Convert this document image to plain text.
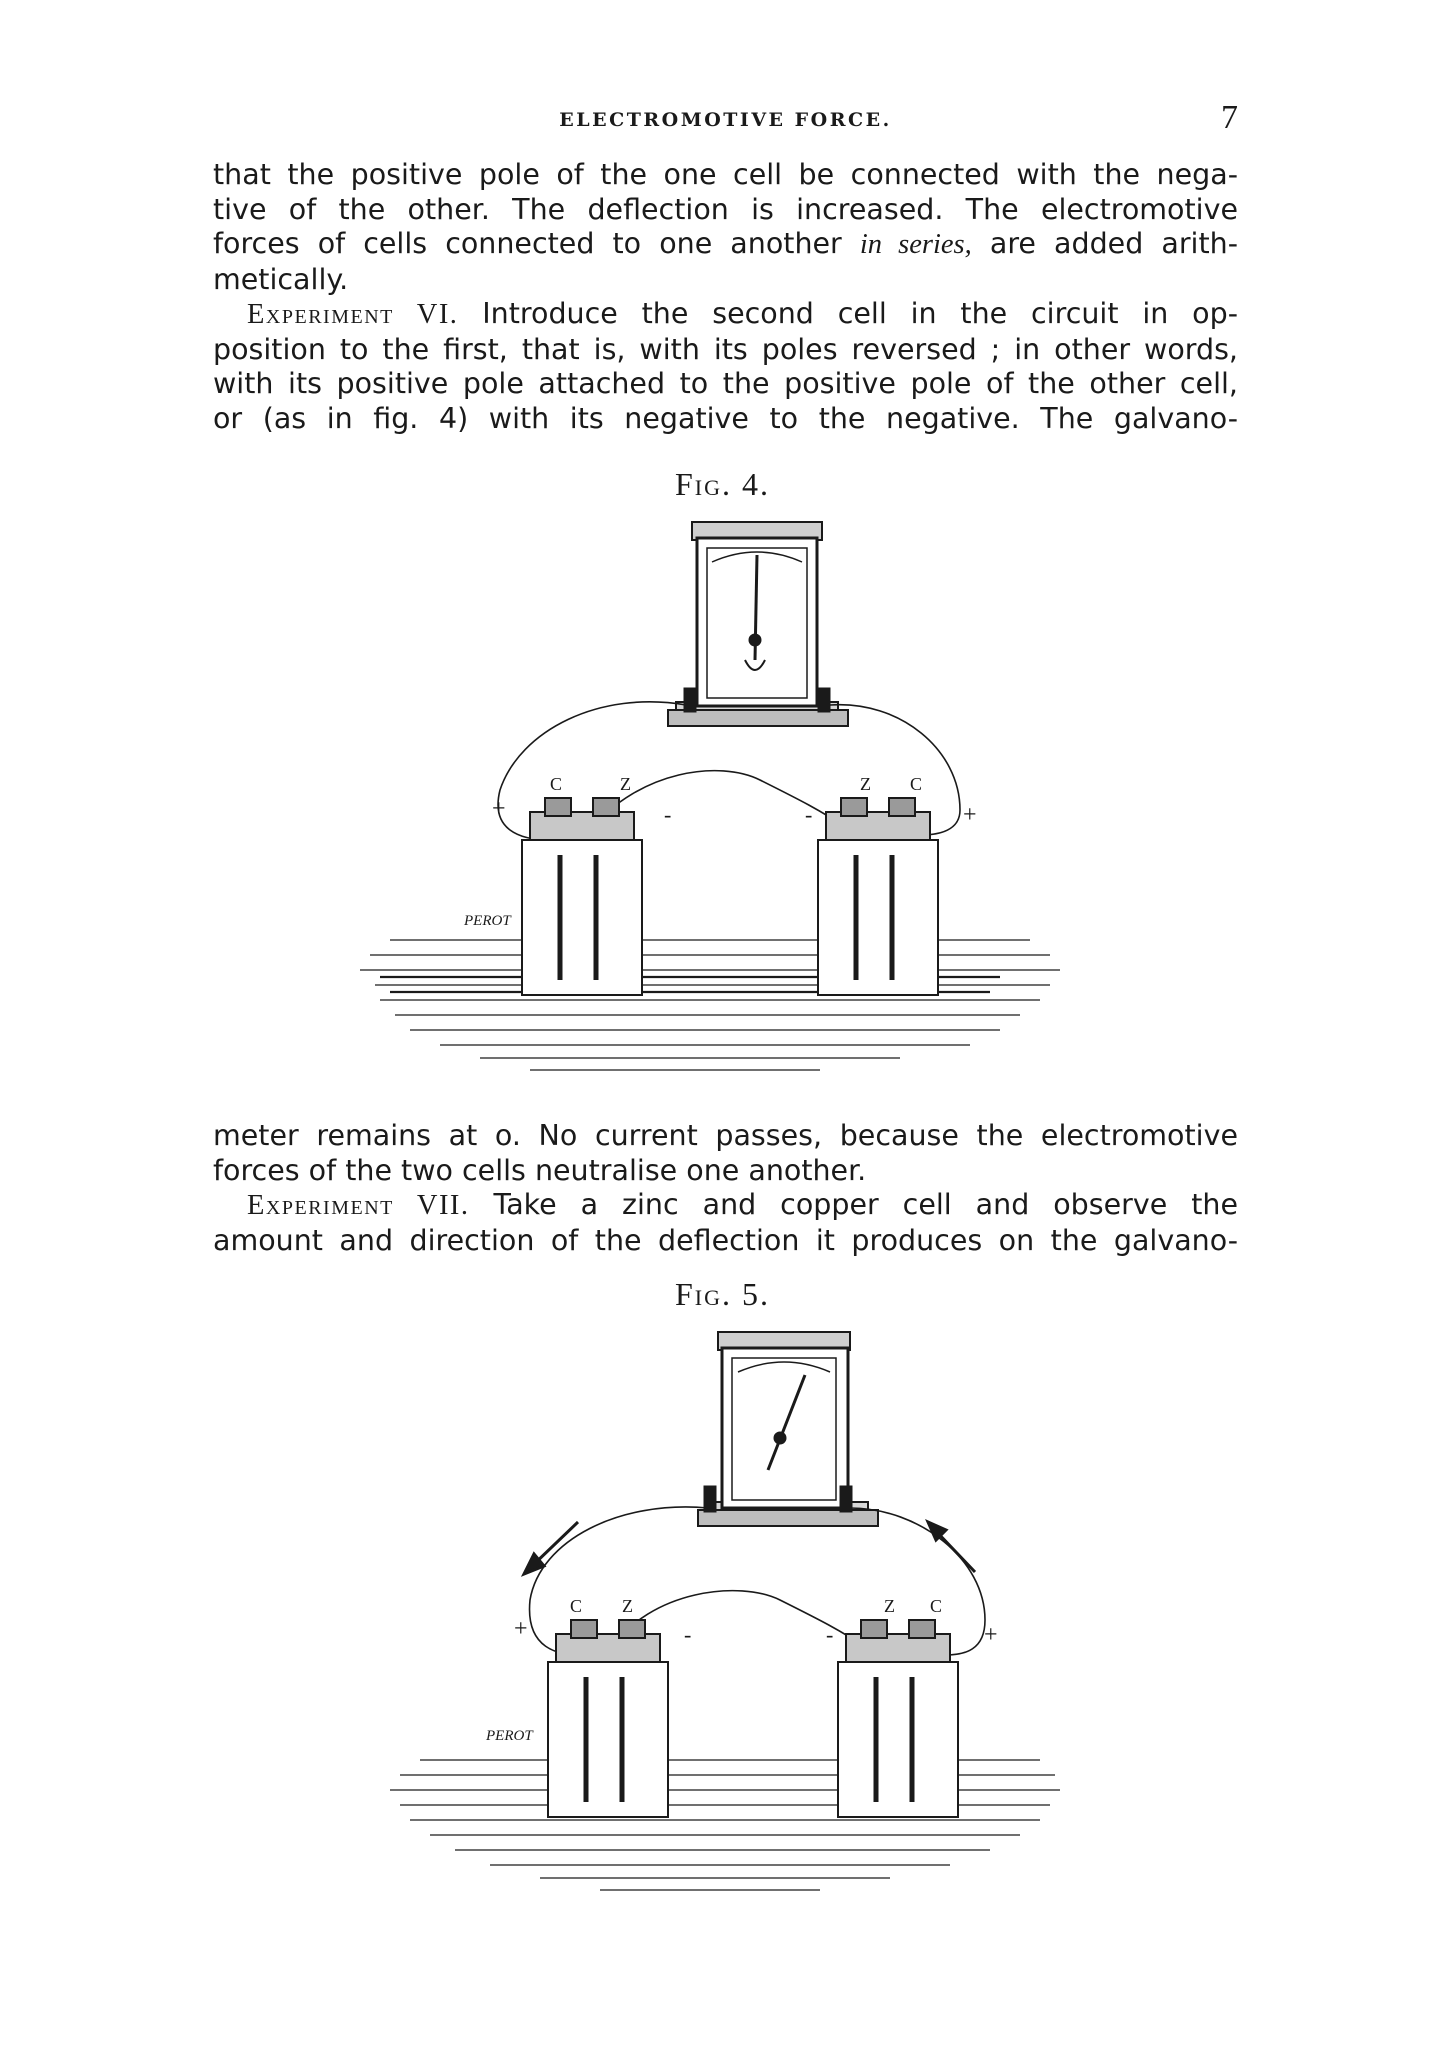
ELECTROMOTIVE FORCE.	7
that the positive pole of the one cell be connected with the nega-
tive of the other. The deflection is increased. The electromotive
forces of cells connected to one another in series, are added arith-
metically.
Experiment VI. Introduce the second cell in the circuit in op-
position to the first, that is, with its poles reversed ; in other words,
with its positive pole attached to the positive pole of the other cell,
or (as in fig. 4) with its negative to the negative. The galvano-
Fig. 4.
C	Z	Z C
+	+
-	-
PEROT
meter remains at o. No current passes, because the electromotive
forces of the two cells neutralise one another.
Experiment VII. Take a zinc and copper cell and observe the
amount and direction of the deflection it produces on the galvano-
Fig. 5.
C Z	Z C
+	+
-	-
PEROT
